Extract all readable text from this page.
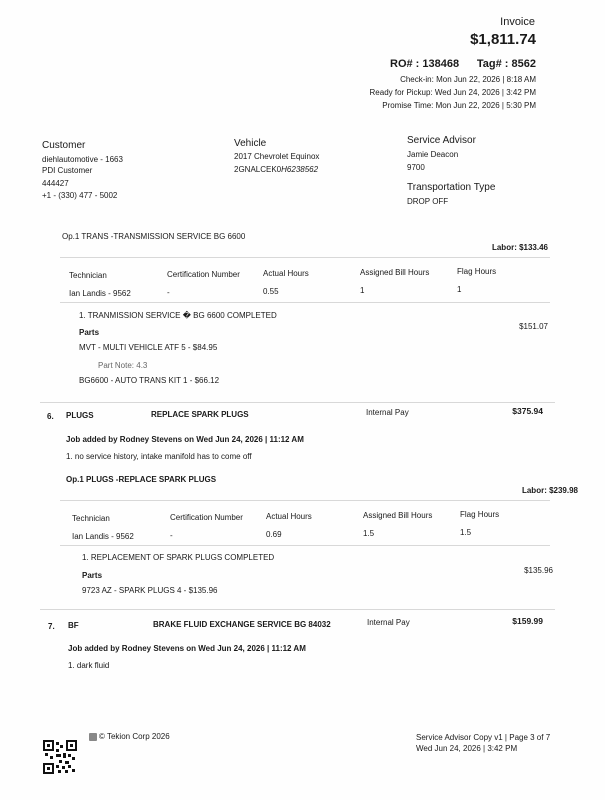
Invoice
$1,811.74
RO# : 138468 Tag# : 8562
Check-in: Mon Jun 22, 2026 | 8:18 AM
Ready for Pickup: Wed Jun 24, 2026 | 3:42 PM
Promise Time: Mon Jun 22, 2026 | 5:30 PM
Customer
diehlautomotive - 1663
PDI Customer
444427
+1 - (330) 477 - 5002
Vehicle
2017 Chevrolet Equinox
2GNALCEK0H6238562
Service Advisor
Jamie Deacon
9700
Transportation Type
DROP OFF
Op.1 TRANS -TRANSMISSION SERVICE BG 6600
Labor: $133.46
Technician	Certification Number	Actual Hours	Assigned Bill Hours	Flag Hours
Ian Landis - 9562	-	0.55	1	1
1. TRANMISSION SERVICE � BG 6600 COMPLETED
Parts
$151.07
MVT - MULTI VEHICLE ATF 5 - $84.95
Part Note: 4.3
BG6600 - AUTO TRANS KIT 1 - $66.12
6. PLUGS	REPLACE SPARK PLUGS	Internal Pay	$375.94
Job added by Rodney Stevens on Wed Jun 24, 2026 | 11:12 AM
1. no service history, intake manifold has to come off
Op.1 PLUGS -REPLACE SPARK PLUGS
Labor: $239.98
Technician	Certification Number	Actual Hours	Assigned Bill Hours	Flag Hours
Ian Landis - 9562	-	0.69	1.5	1.5
1. REPLACEMENT OF SPARK PLUGS COMPLETED
Parts
$135.96
9723 AZ - SPARK PLUGS 4 - $135.96
7. BF	BRAKE FLUID EXCHANGE SERVICE BG 84032	Internal Pay	$159.99
Job added by Rodney Stevens on Wed Jun 24, 2026 | 11:12 AM
1. dark fluid
© Tekion Corp 2026	Service Advisor Copy v1 | Page 3 of 7
Wed Jun 24, 2026 | 3:42 PM
